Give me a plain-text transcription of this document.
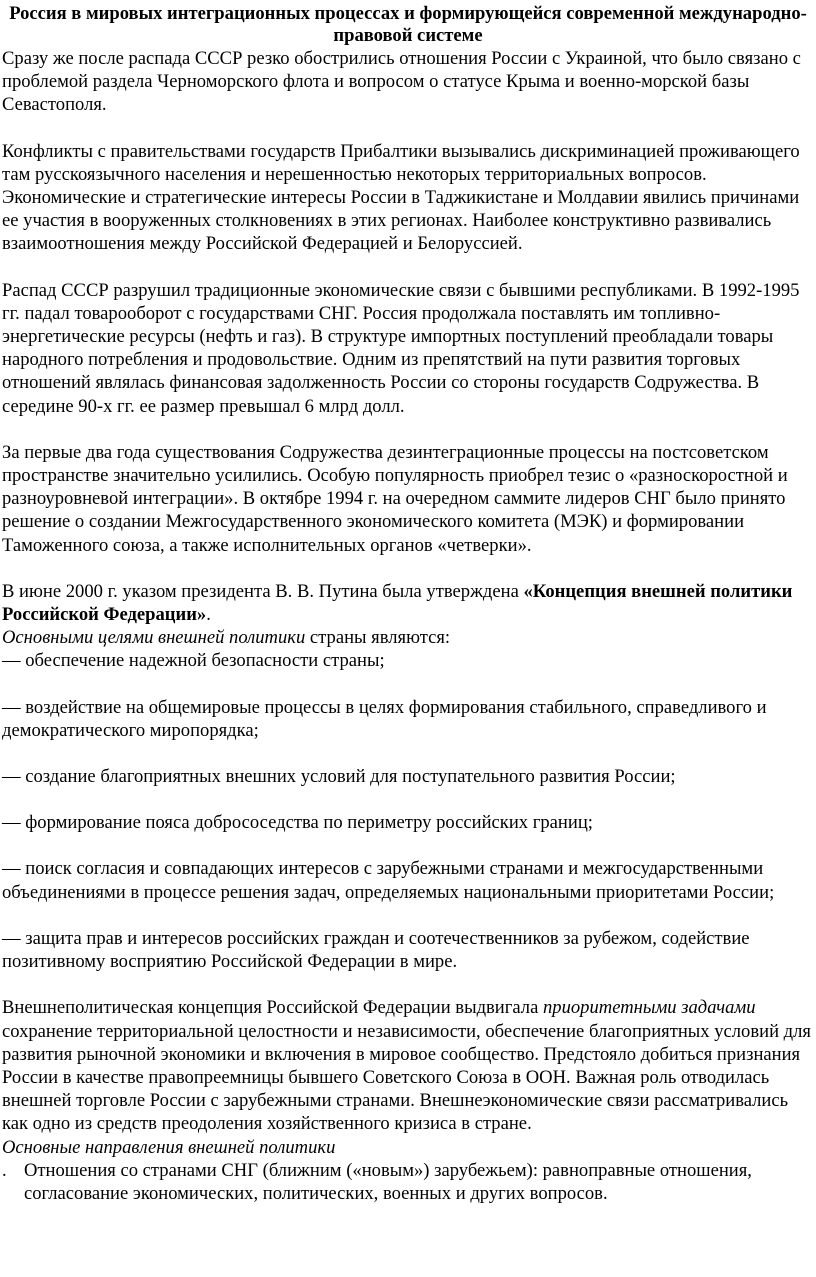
Россия в мировых интеграционных процессах и формирующейся современной международно-правовой системе

Сразу же после распада СССР резко обострились отношения России с Украиной, что было связано с проблемой раздела Черноморского флота и вопросом о статусе Крыма и военно-морской базы Севастополя.

Конфликты с правительствами государств Прибалтики вызывались дискриминацией проживающего там русскоязычного населения и нерешенностью некоторых территориальных вопросов. Экономические и стратегические интересы России в Таджикистане и Молдавии явились причинами ее участия в вооруженных столкновениях в этих регионах. Наиболее конструктивно развивались взаимоотношения между Российской Федерацией и Белоруссией.

Распад СССР разрушил традиционные экономические связи с бывшими республиками. В 1992-1995 гг. падал товарооборот с государствами СНГ. Россия продолжала поставлять им топливно-энергетические ресурсы (нефть и газ). В структуре импортных поступлений преобладали товары народного потребления и продовольствие. Одним из препятствий на пути развития торговых отношений являлась финансовая задолженность России со стороны государств Содружества. В середине 90-х гг. ее размер превышал 6 млрд долл.

За первые два года существования Содружества дезинтеграционные процессы на постсоветском пространстве значительно усилились. Особую популярность приобрел тезис о «разноскоростной и разноуровневой интеграции». В октябре 1994 г. на очередном саммите лидеров СНГ было принято решение о создании Межгосударственного экономического комитета (МЭК) и формировании Таможенного союза, а также исполнительных органов «четверки».

В июне 2000 г. указом президента В. В. Путина была утверждена «Концепция внешней политики Российской Федерации».

Основными целями внешней политики страны являются:

— обеспечение надежной безопасности страны;

— воздействие на общемировые процессы в целях формирования стабильного, справедливого и демократического миропорядка;

— создание благоприятных внешних условий для поступательного развития России;

— формирование пояса добрососедства по периметру российских границ;

— поиск согласия и совпадающих интересов с зарубежными странами и межгосударственными объединениями в процессе решения задач, определяемых национальными приоритетами России;

— защита прав и интересов российских граждан и соотечественников за рубежом, содействие позитивному восприятию Российской Федерации в мире.

Внешнеполитическая концепция Российской Федерации выдвигала приоритетными задачами сохранение территориальной целостности и независимости, обеспечение благоприятных условий для развития рыночной экономики и включения в мировое сообщество. Предстояло добиться признания России в качестве правопреемницы бывшего Советского Союза в ООН. Важная роль отводилась внешней торговле России с зарубежными странами. Внешнеэкономические связи рассматривались как одно из средств преодоления хозяйственного кризиса в стране.

Основные направления внешней политики

. Отношения со странами СНГ (ближним («новым») зарубежьем): равноправные отношения, согласование экономических, политических, военных и других вопросов.
